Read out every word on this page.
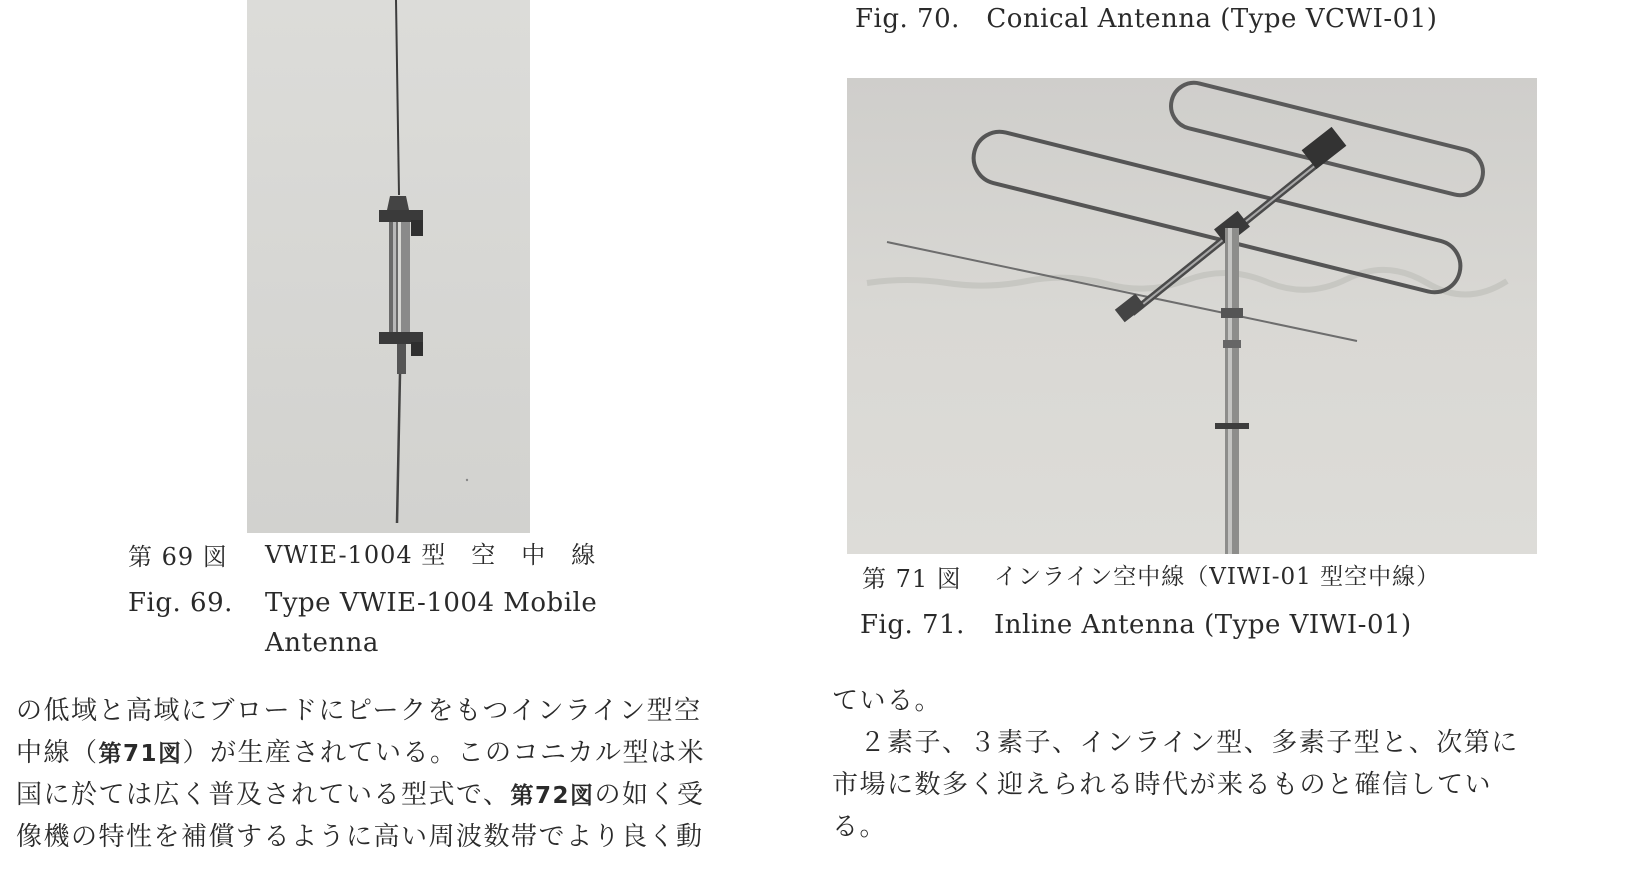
Fig. 70. Conical Antenna (Type VCWI-01)
第 69 図 VWIE-1004 型　空　中　線
Fig. 69. Type VWIE-1004 Mobile
Antenna
第 71 図 インライン空中線（VIWI-01 型空中線）
Fig. 71. Inline Antenna (Type VIWI-01)
の低域と高域にブロードにピークをもつインライン型空
中線（第71図）が生産されている。このコニカル型は米
国に於ては広く普及されている型式で、第72図の如く受
像機の特性を補償するように高い周波数帯でより良く動
ている。
　２素子、３素子、インライン型、多素子型と、次第に
市場に数多く迎えられる時代が来るものと確信してい
る。
